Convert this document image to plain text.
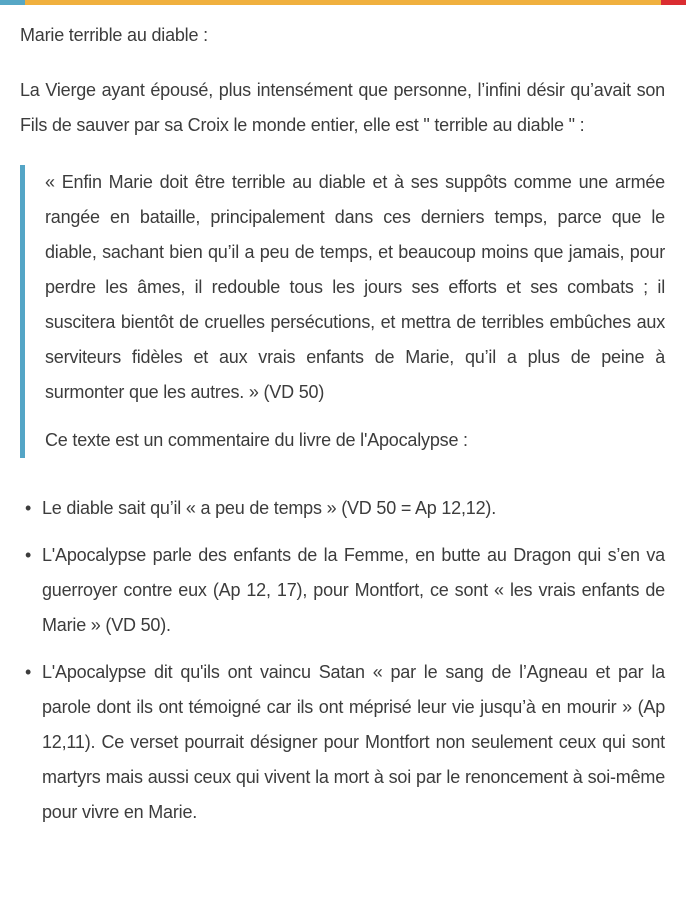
Marie terrible au diable :

La Vierge ayant épousé, plus intensément que personne, l’infini désir qu’avait son Fils de sauver par sa Croix le monde entier, elle est " terrible au diable " :

« Enfin Marie doit être terrible au diable et à ses suppôts comme une armée rangée en bataille, principalement dans ces derniers temps, parce que le diable, sachant bien qu’il a peu de temps, et beaucoup moins que jamais, pour perdre les âmes, il redouble tous les jours ses efforts et ses combats ; il suscitera bientôt de cruelles persécutions, et mettra de terribles embûches aux serviteurs fidèles et aux vrais enfants de Marie, qu’il a plus de peine à surmonter que les autres. » (VD 50)

Ce texte est un commentaire du livre de l'Apocalypse :

• Le diable sait qu’il « a peu de temps » (VD 50 = Ap 12,12).
• L'Apocalypse parle des enfants de la Femme, en butte au Dragon qui s’en va guerroyer contre eux (Ap 12, 17), pour Montfort, ce sont « les vrais enfants de Marie » (VD 50).
• L'Apocalypse dit qu'ils ont vaincu Satan « par le sang de l’Agneau et par la parole dont ils ont témoigné car ils ont méprisé leur vie jusqu’à en mourir » (Ap 12,11). Ce verset pourrait désigner pour Montfort non seulement ceux qui sont martyrs mais aussi ceux qui vivent la mort à soi par le renoncement à soi-même pour vivre en Marie.
